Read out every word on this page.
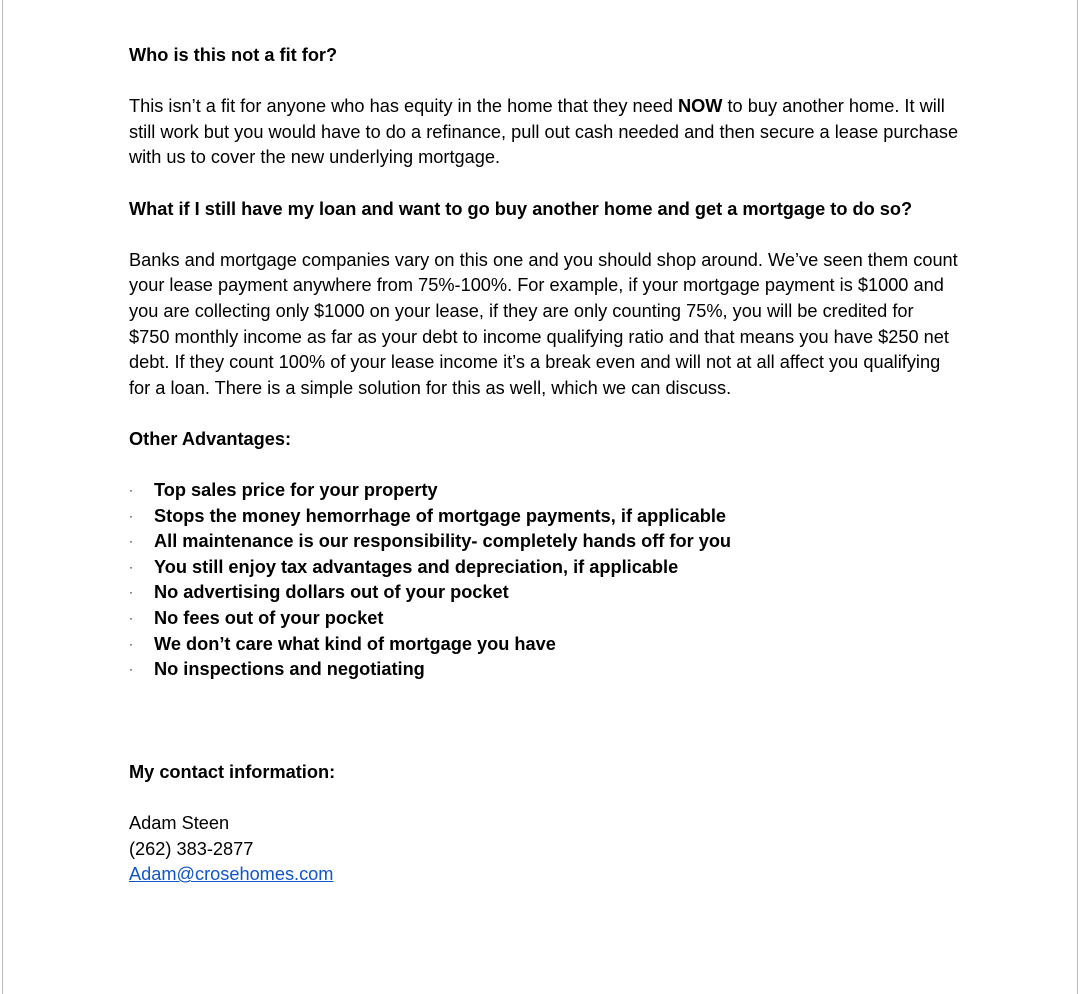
Who is this not a fit for?

This isn’t a fit for anyone who has equity in the home that they need NOW to buy another home. It will still work but you would have to do a refinance, pull out cash needed and then secure a lease purchase with us to cover the new underlying mortgage.

What if I still have my loan and want to go buy another home and get a mortgage to do so?

Banks and mortgage companies vary on this one and you should shop around. We’ve seen them count your lease payment anywhere from 75%-100%. For example, if your mortgage payment is $1000 and you are collecting only $1000 on your lease, if they are only counting 75%, you will be credited for $750 monthly income as far as your debt to income qualifying ratio and that means you have $250 net debt. If they count 100% of your lease income it’s a break even and will not at all affect you qualifying for a loan. There is a simple solution for this as well, which we can discuss.

Other Advantages:

· Top sales price for your property
· Stops the money hemorrhage of mortgage payments, if applicable
· All maintenance is our responsibility- completely hands off for you
· You still enjoy tax advantages and depreciation, if applicable
· No advertising dollars out of your pocket
· No fees out of your pocket
· We don’t care what kind of mortgage you have
· No inspections and negotiating

My contact information:

Adam Steen

(262) 383-2877

Adam@crosehomes.com
